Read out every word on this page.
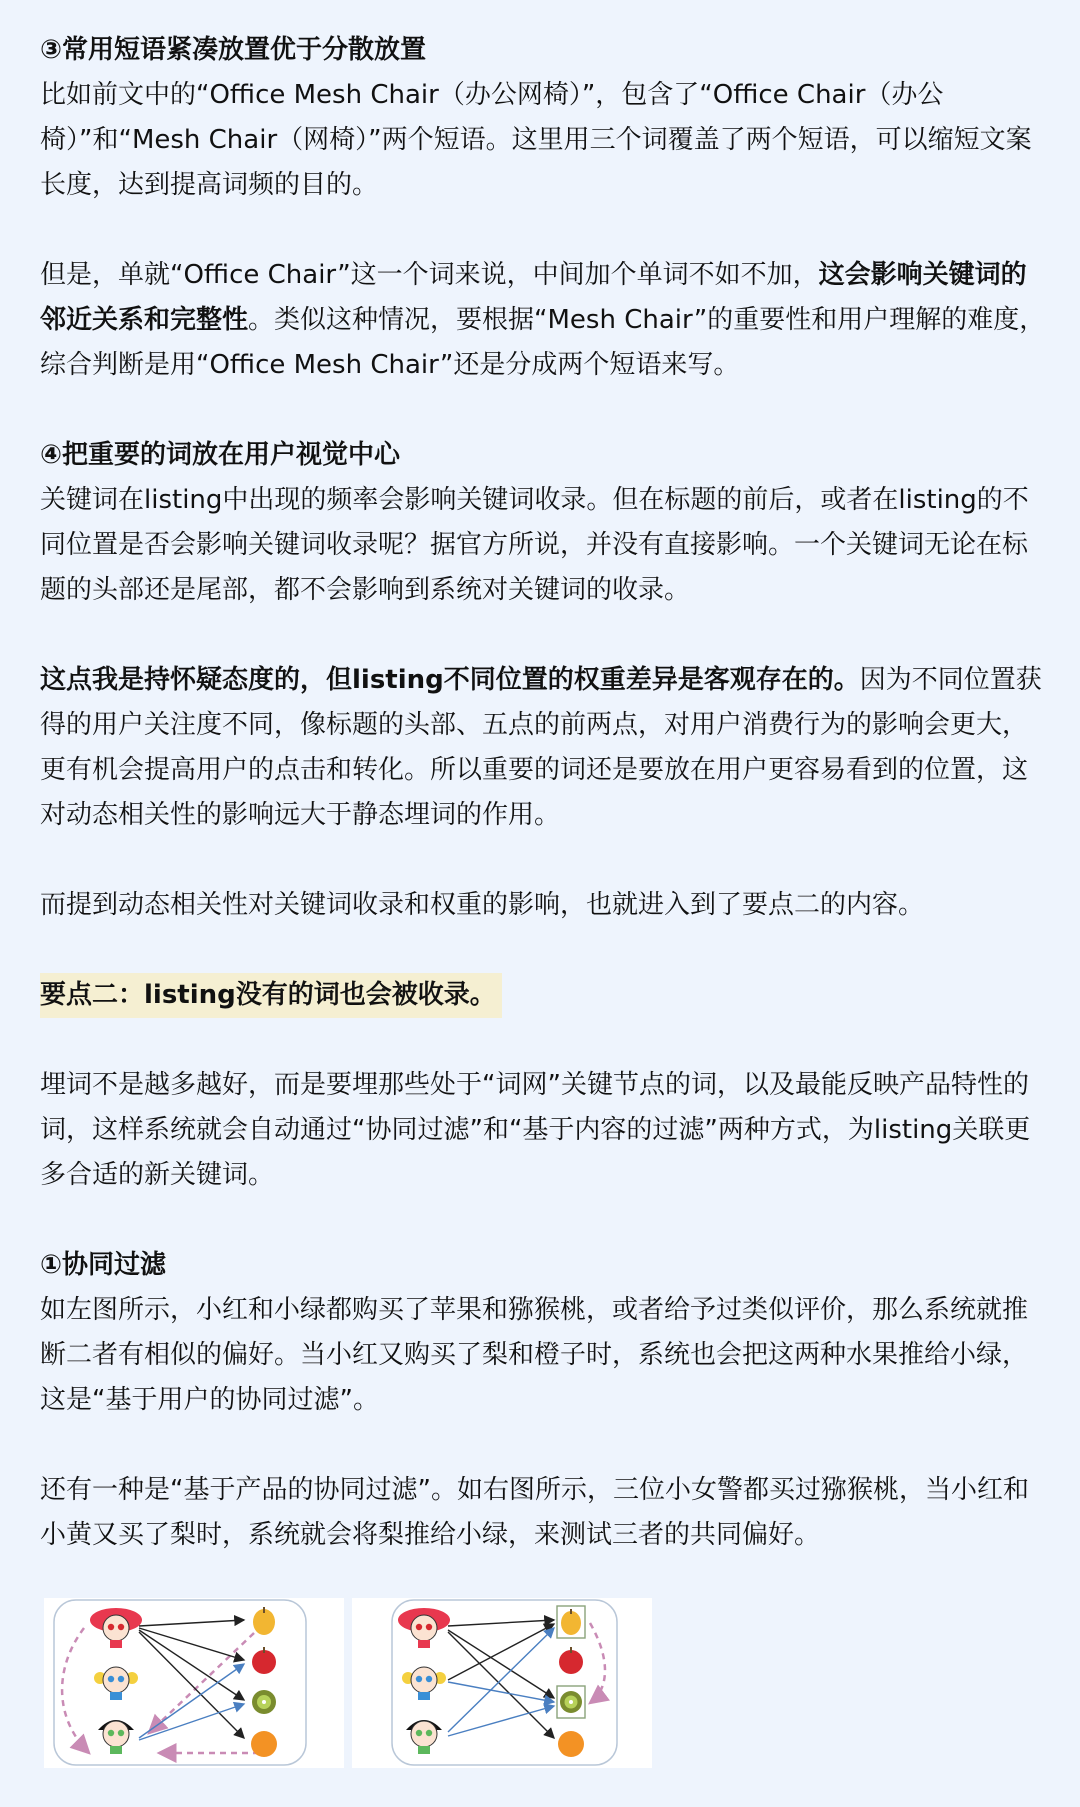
③常用短语紧凑放置优于分散放置

比如前文中的“Office Mesh Chair（办公网椅）”，包含了“Office Chair（办公椅）”和“Mesh Chair（网椅）”两个短语。这里用三个词覆盖了两个短语，可以缩短文案长度，达到提高词频的目的。

但是，单就“Office Chair”这一个词来说，中间加个单词不如不加，这会影响关键词的邻近关系和完整性。类似这种情况，要根据“Mesh Chair”的重要性和用户理解的难度，综合判断是用“Office Mesh Chair”还是分成两个短语来写。

④把重要的词放在用户视觉中心

关键词在listing中出现的频率会影响关键词收录。但在标题的前后，或者在listing的不同位置是否会影响关键词收录呢？据官方所说，并没有直接影响。一个关键词无论在标题的头部还是尾部，都不会影响到系统对关键词的收录。

这点我是持怀疑态度的，但listing不同位置的权重差异是客观存在的。因为不同位置获得的用户关注度不同，像标题的头部、五点的前两点，对用户消费行为的影响会更大，更有机会提高用户的点击和转化。所以重要的词还是要放在用户更容易看到的位置，这对动态相关性的影响远大于静态埋词的作用。

而提到动态相关性对关键词收录和权重的影响，也就进入到了要点二的内容。

要点二：listing没有的词也会被收录。

埋词不是越多越好，而是要埋那些处于“词网”关键节点的词，以及最能反映产品特性的词，这样系统就会自动通过“协同过滤”和“基于内容的过滤”两种方式，为listing关联更多合适的新关键词。

①协同过滤

如左图所示，小红和小绿都购买了苹果和猕猴桃，或者给予过类似评价，那么系统就推断二者有相似的偏好。当小红又购买了梨和橙子时，系统也会把这两种水果推给小绿，这是“基于用户的协同过滤”。

还有一种是“基于产品的协同过滤”。如右图所示，三位小女警都买过猕猴桃，当小红和小黄又买了梨时，系统就会将梨推给小绿，来测试三者的共同偏好。
